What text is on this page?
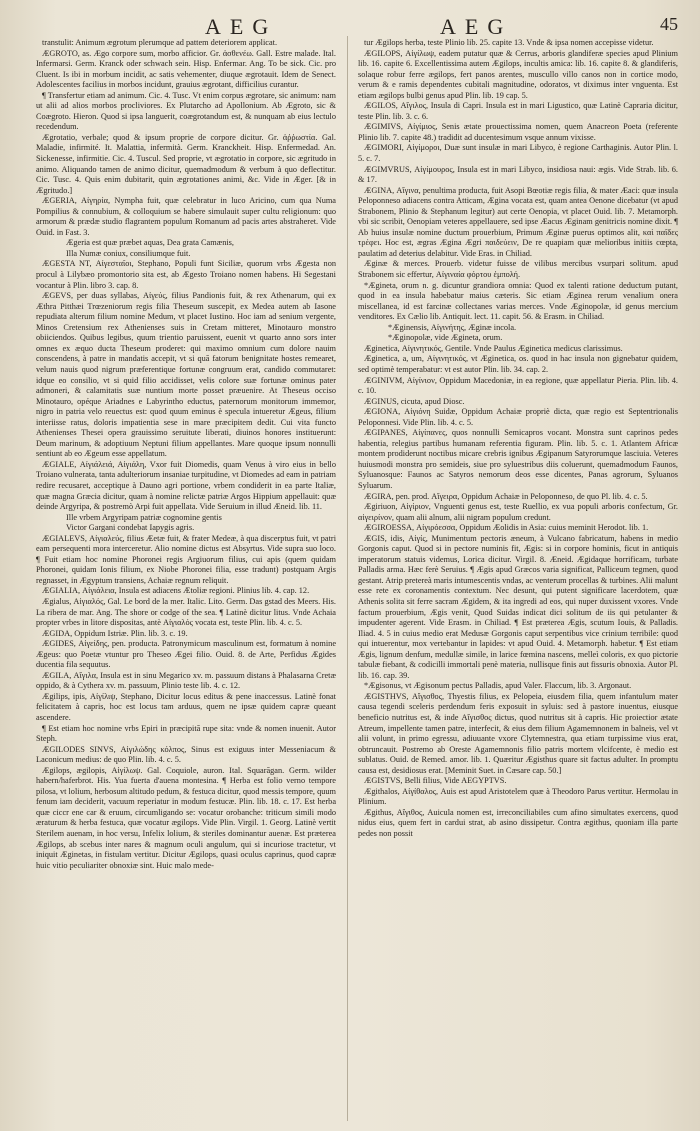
AEG	AEG	45

transtulit: Animum ægrotum plerumque ad pattem deteriorem applicat.

ÆGROTO, as. Ægo corpore sum, morbo afficior. Gr. ἀσθενέω. Gall. Estre malade. Ital. Infermarsi. Germ. Kranck oder schwach sein. Hisp. Enfermar. Ang. To be sick. Cic. pro Cluent. Is ibi in morbum incidit, ac satis vehementer, diuque ægrotauit. Idem de Senect. Adolescentes facilius in morbos incidunt, grauius ægrotant, difficilius curantur.

¶ Transfertur etiam ad animum. Cic. 4. Tusc. Vt enim corpus ægrotare, sic animum: nam ut alii ad alios morbos procliviores. Ex Plutarcho ad Apollonium. Ab Ægroto, sic & Coægroto. Hieron. Quod si ipsa languerit, coægrotandum est, & nunquam ab eius lectulo recedendum.

Ægrotatio, verbale; quod & ipsum proprie de corpore dicitur. Gr. ἀῤῥωστία. Gal. Maladie, infirmité. It. Malattia, infermità. Germ. Kranckheit. Hisp. Enfermedad. An. Sickenesse, infirmitie. Cic. 4. Tuscul. Sed proprie, vt ægrotatio in corpore, sic ægritudo in animo. Aliquando tamen de animo dicitur, quemadmodum & verbum à quo deflectitur. Cic. Tusc. 4. Quis enim dubitarit, quin ægrotationes animi, &c. Vide in Æger. [& in Ægritudo.]

ÆGERIA, Αἰγηρία, Nympha fuit, quæ celebratur in luco Aricino, cum qua Numa Pompilius & connubium, & colloquium se habere simulauit super cultu religionum: quo armorum & prædæ studio flagrantem populum Romanum ad pacis artes abstraheret. Vide Ouid. in Fast. 3.

Ægeria est quæ præbet aquas, Dea grata Camænis,

Illa Numæ coniux, consiliumque fuit.

ÆGESTA NT, Αἰγεσταῖοι, Stephano, Populi funt Siciliæ, quorum vrbs Ægesta non procul à Lilybæo promontorio sita est, ab Ægesto Troiano nomen habens. Hi Segestani vocantur à Plin. libro 3. cap. 8.

ÆGEVS, per duas syllabas, Αἰγεύς, filius Pandionis fuit, & rex Athenarum, qui ex Æthra Pitthæi Trœzeniorum regis filia Theseum suscepit, ex Medea autem ab Iasone repudiata alterum filium nomine Medum, vt placet Iustino. Hoc iam ad senium vergente, Minos Cretensium rex Athenienses suis in Cretam mitteret, Minotauro monstro obiiciendos. Quibus legibus, quum trientio paruissent, euenit vt quarto anno sors inter omnes ex æquo ducta Theseum proderet: qui maximo omnium cum dolore nauim conscendens, à patre in mandatis accepit, vt si quā fatorum benignitate hostes remearet, velum nauis quod nigrum præferentique fortunæ congruum erat, candido commutaret: idque eo consilio, vt si quid filio accidisset, velis colore suæ fortunæ ominus pater admoneri, & calamitatis suæ nuntium morte posset præuenire. At Theseus occiso Minotauro, opéque Ariadnes e Labyrintho eductus, paternorum monitorum immemor, nigro in patria velo reuectus est: quod quum eminus è specula intueretur Ægeus, filium interiisse ratus, doloris impatientia sese in mare præcipitem dedit. Cui vita functo Athenienses Thesei opera grauissimo seruitute liberati, diuinos honores instituerunt: Deum marinum, & adoptiuum Neptuni filium appellantes. Mare quoque ipsum nonnulli sentiunt ab eo Ægeum esse appellatum.

ÆGIALE, Αἰγιάλειά, Αἰγιάλη, Vxor fuit Diomedis, quam Venus à viro eius in bello Troiano vulnerata, tanta adulteriorum insaniae turpitudine, vt Diomedes ad eam in patriam redire recusaret, acceptique à Dauno agri portione, vrbem condiderit in ea parte Italiæ, quæ magna Græcia dicitur, quam à nomine relictæ patriæ Argos Hippium appellauit: quæ deinde Argyripa, & postremò Arpi fuit appellata. Vide Seruium in illud Æneid. lib. 11.

Ille vrbem Argyripam patriæ cognomine gentis

Victor Gargani condebat Iapygis agris.

ÆGIALEVS, Αἰγιαλεύς, filius Æetæ fuit, & frater Medeæ, à qua discerptus fuit, vt patri eam persequenti mora interceretur. Alio nomine dictus est Absyrtus. Vide supra suo loco. ¶ Fuit etiam hoc nomine Phoronei regis Argiuorum filius, cui apis (quem quidam Phoronei, quidam Ionis filium, ex Niobe Phoronei filia, esse tradunt) postquam Argis regnasset, in Ægyptum transiens, Achaiæ regnum reliquit.

ÆGIALIA, Αἰγιάλεια, Insula est adiacens Ætoliæ regioni. Plinius lib. 4. cap. 12.

Ægialus, Αἰγιαλός, Gal. Le bord de la mer. Italic. Lito. Germ. Das gstad des Meers. His. La ribera de mar. Ang. The shore or codge of the sea. ¶ Latinè dicitur litus. Vnde Achaia propter vrbes in litore dispositas, antè Αἰγιαλός vocata est, teste Plin. lib. 4. c. 5.

ÆGIDA, Oppidum Istriæ. Plin. lib. 3. c. 19.

ÆGIDES, Αἰγείδης, pen. producta. Patronymicum masculinum est, formatum à nomine Ægeus: quo Poetæ vtuntur pro Theseo Ægei filio. Ouid. 8. de Arte, Perfidus Ægides ducentia fila sequutus.

ÆGILA, Αἴγιλα, Insula est in sinu Megarico xv. m. passuum distans à Phalasarna Cretæ oppido, & à Cythera xv. m. passuum, Plinio teste lib. 4. c. 12.

Ægilips, ipis, Αἰγίλιψ, Stephano, Dicitur locus editus & pene inaccessus. Latinè fonat felicitatem à capris, hoc est locus tam arduus, quem ne ipsæ quidem capræ queant ascendere.

¶ Est etiam hoc nomine vrbs Epiri in præcipitā rupe sita: vnde & nomen inuenit. Autor Steph.

ÆGILODES SINVS, Αἰγιλώδης κόλπος, Sinus est exiguus inter Messeniacum & Laconicum medius: de quo Plin. lib. 4. c. 5.

Ægilops, ægilopis, Αἰγίλωψ. Gal. Coquiole, auron. Ital. Squarāgan. Germ. wilder habern/haferbrot. His. Yua fuerta d'auena montesina. ¶ Herba est folio verno tempore pilosa, vt lolium, herbosum altitudo pedum, & festuca dicitur, quod messis tempore, quum fenum iam deciderit, vacuum reperiatur in modum festucæ. Plin. lib. 18. c. 17. Est herba quæ ciccr ene car & eruum, circumligando se: vocatur orobanche: triticum simili modo æraturum & herba festuca, quæ vocatur ægilops. Vide Plin. Virgil. 1. Georg. Latinè vertit Sterilem auenam, in hoc versu, Infelix lolium, & steriles dominantur auenæ. Est præterea Ægilops, ab scebus inter nares & magnum oculi angulum, qui si incuriose tractetur, vt iniquit Æginetas, in fistulam vertitur. Dicitur Ægilops, quasi oculus caprinus, quod capræ huic vitio peculiariter obnoxiæ sint. Huic malo mede-

tur Ægilops herba, teste Plinio lib. 25. capite 13. Vnde & ipsa nomen accepisse videtur.

ÆGILOPS, Αἰγίλωψ, eadem putatur quæ & Cerrus, arboris glandiferæ species apud Plinium lib. 16. capite 6. Excellentissima autem Ægilops, incultis amica: lib. 16. capite 8. & glandiferis, solaque robur ferre ægilops, fert panos arentes, muscullo villo canos non in cortice modo, verum & e ramis dependentes cubitali magnitudine, odoratos, vt diximus inter vnguenta. Est etiam ægilops bulbi genus apud Plin. lib. 19 cap. 5.

ÆGILOS, Αἴγιλος, Insula di Capri. Insula est in mari Ligustico, quæ Latinè Capraria dicitur, teste Plin. lib. 3. c. 6.

ÆGIMIVS, Αἰγίμιος, Senis ætate prouectissima nomen, quem Anacreon Poeta (referente Plinio lib. 7. capite 48.) tradidit ad ducentesimum vsque annum vixisse.

ÆGIMORI, Αἰγίμοροι, Duæ sunt insulæ in mari Libyco, è regione Carthaginis. Autor Plin. l. 5. c. 7.

ÆGIMVRUS, Αἰγίμουρος, Insula est in mari Libyco, insidiosa naui: ægis. Vide Strab. lib. 6. & 17.

ÆGINA, Αἴγινα, penultima producta, fuit Asopi Bœotiæ regis filia, & mater Æaci: quæ insula Peloponneso adiacens contra Atticam, Ægina vocata est, quam antea Oenone dicebatur (vt apud Strabonem, Plinio & Stephanum legitur) aut certe Oenopia, vt placet Ouid. lib. 7. Metamorph. vbi sic scribit, Oenopiam veteres appellauere, sed ipse Æacus Æginam genitricis nomine dixit. ¶ Ab huius insulæ nomine ductum prouerbium, Primum Æginæ puerus optimos alit, καὶ παῖδες τρέφει. Hoc est, ægras Ægina Ægri παιδεύειν, De re quapiam quæ melioribus initiis cœpta, paulatim ad deterius delabitur. Vide Eras. in Chiliad.

Æginæ & merces. Prouerb. videtur fuisse de vilibus mercibus vsurpari solitum. apud Strabonem sic effertur, Αἰγιναία φόρτου ἐμπολή.

*Ægineta, orum n. g. dicuntur grandiora omnia: Quod ex talenti ratione deductum putant, quod in ea insula habebatur maius cæteris. Sic etiam Æginea rerum venalium onera miscellanea, id est farcinæ collectanes varias merces. Vnde Æginopolæ, id genus mercium venditores. Ex Cælio lib. Antiquit. lect. 11. capit. 56. & Erasm. in Chiliad.

*Æginensis, Αἰγινήτης, Æginæ incola.

*Æginopolæ, vide Ægineta, orum.

Æginetica, Αἰγινητικός, Gentile. Vnde Paulus Æginetica medicus clarissimus.

Æginetica, a, um, Αἰγινητικός, vt Æginetica, os. quod in hac insula non gignebatur quidem, sed optimè temperabatur: vt est autor Plin. lib. 34. cap. 2.

ÆGINIVM, Αἰγίνιον, Oppidum Macedoniæ, in ea regione, quæ appellatur Pieria. Plin. lib. 4. c. 10.

ÆGINUS, cicuta, apud Diosc.

ÆGIONA, Αἰγιόνη Suidæ, Oppidum Achaiæ propriè dicta, quæ regio est Septentrionalis Peloponnesi. Vide Plin. lib. 4. c. 5.

ÆGIPANES, Αἰγίπανες, quos nonnulli Semicapros vocant. Monstra sunt caprinos pedes habentia, relegius partibus humanam referentia figuram. Plin. lib. 5. c. 1. Atlantem Africæ montem prodiderunt noctibus micare crebris ignibus Ægipanum Satyrorumque lasciuia. Veteres huiusmodi monstra pro semideis, siue pro syluestribus diis coluerunt, quemadmodum Faunos, Syluanosque: Faunos ac Satyros nemorum deos esse dicentes, Panas agrorum, Syluanos Syluarum.

ÆGIRA, pen. prod. Αἴγειρα, Oppidum Achaiæ in Peloponneso, de quo Pl. lib. 4. c. 5.

Ægiriuon, Αἰγίριον, Vnguenti genus est, teste Ruellio, ex vua populi arboris confectum, Gr. αἰγειρίνον, quam alii alnum, alii nigram populum credunt.

ÆGIROESSA, Αἰγιρόεσσα, Oppidum Æolidis in Asia: cuius meminit Herodot. lib. 1.

ÆGIS, idis, Αἰγίς, Munimentum pectoris æneum, à Vulcano fabricatum, habens in medio Gorgonis caput. Quod si in pectore numinis fit, Ægis: si in corpore hominis, ficut in antiquis imperatorum statuis videmus, Lorica dicitur. Virgil. 8. Æneid. Ægidaque horrificam, turbate Palladis arma. Hæc ferè Seruius. ¶ Ægis apud Græcos varia significat, Palliceum tegmen, quod gestant. Atrip pretereà maris intumescentis vndas, ac venterum procellas & turbines. Alii malunt esse rete ex coronamentis contextum. Nec desunt, qui putent significare lacerdotem, quæ Athenis solita sit ferre sacram Ægidem, & ita ingredi ad eos, qui nuper duxissent vxores. Vnde factum prouerbium, Ægis venit, Quod Suidas indicat dici solitum de iis qui petulanter & impudenter agerent. Vide Erasm. in Chiliad. ¶ Est præterea Ægis, scutum Iouis, & Palladis. Iliad. 4. 5 in cuius medio erat Medusæ Gorgonis caput serpentibus vice crinium terribile: quod qui intuerentur, mox vertebantur in lapides: vt apud Ouid. 4. Metamorph. habetur. ¶ Est etiam Ægis, lignum denfum, medullæ simile, in larice fœmina nascens, melleì coloris, ex quo pictorie tabulæ fiebant, & codicilli immortali penè materia, nullisque finis aut fissuris obnoxia. Autor Pl. lib. 16. cap. 39.

*Ægisonus, vt Ægisonum pectus Palladis, apud Valer. Flaccum, lib. 3. Argonaut.

ÆGISTHVS, Αἴγισθος, Thyestis filius, ex Pelopeia, eiusdem filia, quem infantulum mater causa tegendi sceleris perdendum feris exposuit in syluis: sed à pastore inuentus, eiusque beneficio nutritus est, & inde Αἴγισθος dictus, quod nutritus sit à capris. Hic proiectior ætate Atreum, impellente tamen patre, interfecit, & eius dem filium Agamemnonem in balneis, vel vt alii volunt, in primo egressu, adiuuante vxore Clytemnestra, qua etiam turpissime vius erat, obtruncauit. Postremo ab Oreste Agamemnonis filio patris mortem vlcifcente, è medio est sublatus. Ouid. de Remed. amor. lib. 1. Quæritur Ægisthus quare sit factus adulter. In promptu causa est, desidiosus erat. [Meminit Suet. in Cæsare cap. 50.]

ÆGISTVS, Belli filius, Vide AEGYPTVS.

Ægithalos, Αἰγίθαλος, Auis est apud Aristotelem quæ à Theodoro Parus vertitur. Hermolau in Plinium.

Ægithus, Αἴγιθος, Auicula nomen est, irreconciliabiles cum afino simultates exercens, quod nidus eius, quem fert in cardui strat, ab asino dissipetur. Contra ægithus, quoniam illa parte pedes non possit
